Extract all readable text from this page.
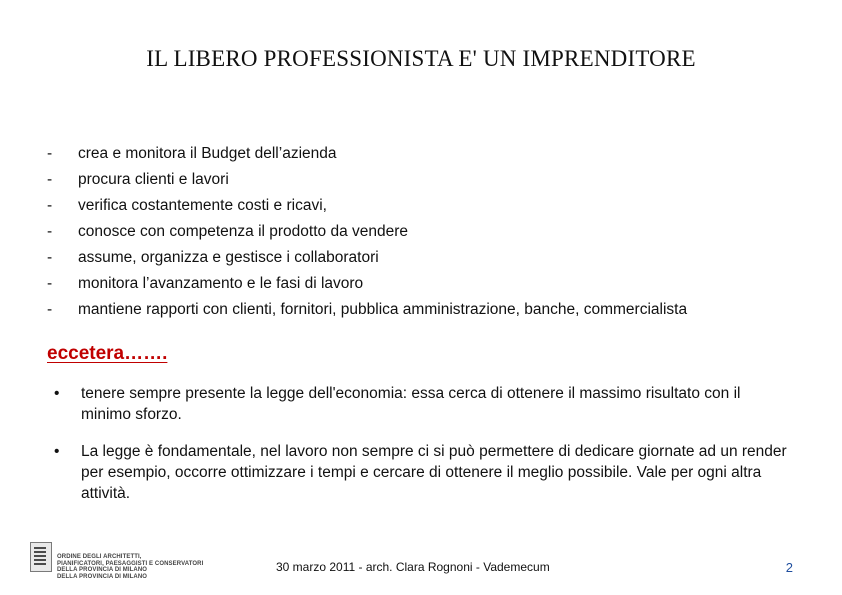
IL LIBERO PROFESSIONISTA E' UN IMPRENDITORE
-	crea e monitora il Budget dell’azienda
-	procura clienti e lavori
-	verifica costantemente costi e ricavi,
-	conosce con competenza il prodotto da vendere
-	assume, organizza e gestisce i collaboratori
-	monitora l’avanzamento e le fasi di lavoro
-	mantiene rapporti con clienti, fornitori, pubblica amministrazione, banche, commercialista
eccetera…….
• tenere sempre presente la legge dell'economia: essa cerca di ottenere il massimo risultato con il minimo sforzo.
• La legge è fondamentale, nel lavoro non sempre ci si può permettere di dedicare giornate ad un render per esempio, occorre ottimizzare i tempi e cercare di ottenere il meglio possibile. Vale per ogni altra attività.
ORDINE DEGLI ARCHITETTI,
PIANIFICATORI, PAESAGGISTI E CONSERVATORI
DELLA PROVINCIA DI MILANO
DELLA PROVINCIA DI MILANO
30 marzo 2011 - arch. Clara Rognoni - Vademecum	2
